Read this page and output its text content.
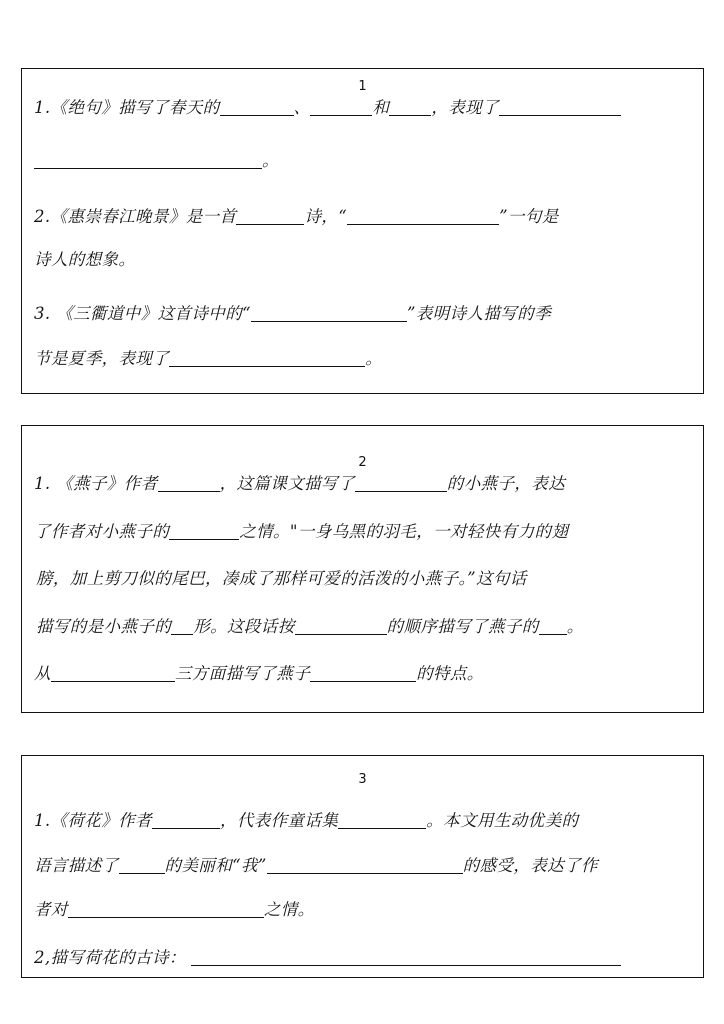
1
1.《绝句》描写了春天的	、	和	，表现了
。
2.《惠崇春江晚景》是一首	诗，“	”一句是
诗人的想象。
3. 《三衢道中》这首诗中的“	”表明诗人描写的季
节是夏季，表现了	。
2
1. 《燕子》作者	，这篇课文描写了	的小燕子，表达
了作者对小燕子的	之情。"一身乌黑的羽毛，一对轻快有力的翅
膀，加上剪刀似的尾巴，凑成了那样可爱的活泼的小燕子。”这句话
描写的是小燕子的 形。这段话按	的顺序描写了燕子的 。
从	三方面描写了燕子	的特点。
3
1.《荷花》作者	，代表作童话集	。本文用生动优美的
语言描述了	的美丽和“我”	的感受，表达了作
者对	之情。
2,描写荷花的古诗：
